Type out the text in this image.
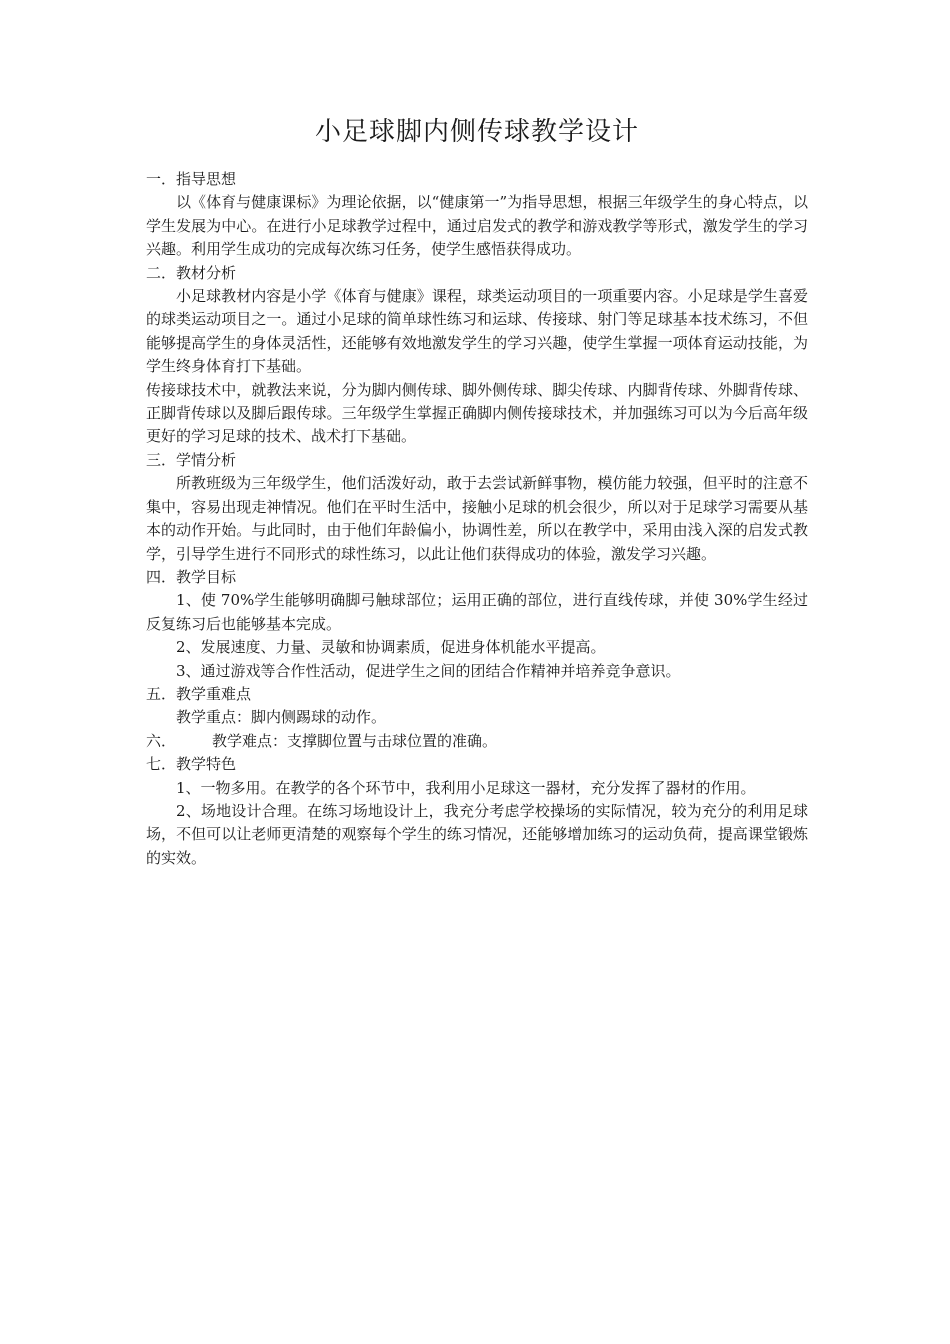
小足球脚内侧传球教学设计

一．指导思想

以《体育与健康课标》为理论依据，以“健康第一”为指导思想，根据三年级学生的身心特点，以学生发展为中心。在进行小足球教学过程中，通过启发式的教学和游戏教学等形式，激发学生的学习兴趣。利用学生成功的完成每次练习任务，使学生感悟获得成功。

二．教材分析

小足球教材内容是小学《体育与健康》课程，球类运动项目的一项重要内容。小足球是学生喜爱的球类运动项目之一。通过小足球的简单球性练习和运球、传接球、射门等足球基本技术练习，不但能够提高学生的身体灵活性，还能够有效地激发学生的学习兴趣，使学生掌握一项体育运动技能，为学生终身体育打下基础。

传接球技术中，就教法来说，分为脚内侧传球、脚外侧传球、脚尖传球、内脚背传球、外脚背传球、正脚背传球以及脚后跟传球。三年级学生掌握正确脚内侧传接球技术，并加强练习可以为今后高年级更好的学习足球的技术、战术打下基础。

三．学情分析

所教班级为三年级学生，他们活泼好动，敢于去尝试新鲜事物，模仿能力较强，但平时的注意不集中，容易出现走神情况。他们在平时生活中，接触小足球的机会很少，所以对于足球学习需要从基本的动作开始。与此同时，由于他们年龄偏小，协调性差，所以在教学中，采用由浅入深的启发式教学，引导学生进行不同形式的球性练习，以此让他们获得成功的体验，激发学习兴趣。

四．教学目标

1、使 70%学生能够明确脚弓触球部位；运用正确的部位，进行直线传球，并使 30%学生经过反复练习后也能够基本完成。

2、发展速度、力量、灵敏和协调素质，促进身体机能水平提高。

3、通过游戏等合作性活动，促进学生之间的团结合作精神并培养竞争意识。

五．教学重难点

教学重点：脚内侧踢球的动作。

六． 教学难点：支撑脚位置与击球位置的准确。

七．教学特色

1、一物多用。在教学的各个环节中，我利用小足球这一器材，充分发挥了器材的作用。

2、场地设计合理。在练习场地设计上，我充分考虑学校操场的实际情况，较为充分的利用足球场，不但可以让老师更清楚的观察每个学生的练习情况，还能够增加练习的运动负荷，提高课堂锻炼的实效。
